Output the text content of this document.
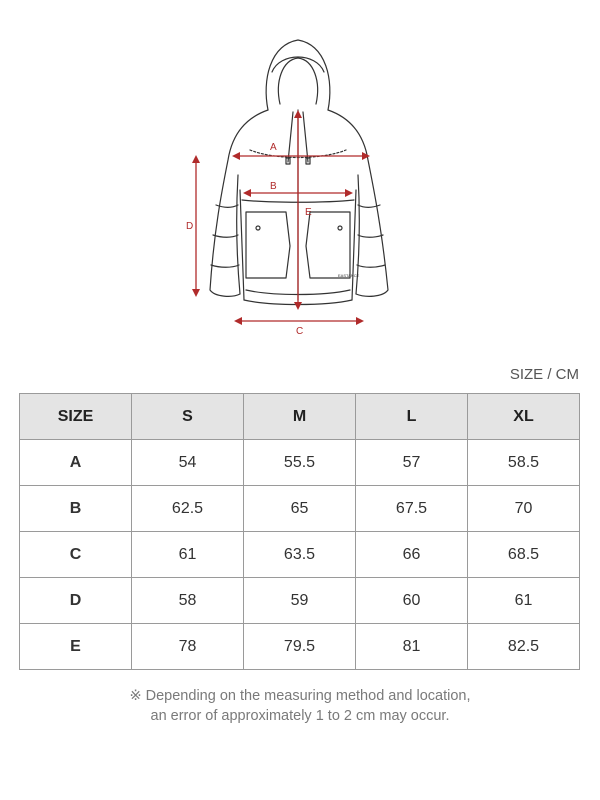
EASTANCE
A
B
C
D
E
SIZE / CM
SIZE	S	M	L	XL
A	54	55.5	57	58.5
B	62.5	65	67.5	70
C	61	63.5	66	68.5
D	58	59	60	61
E	78	79.5	81	82.5
※ Depending on the measuring method and location,
an error of approximately 1 to 2 cm may occur.
